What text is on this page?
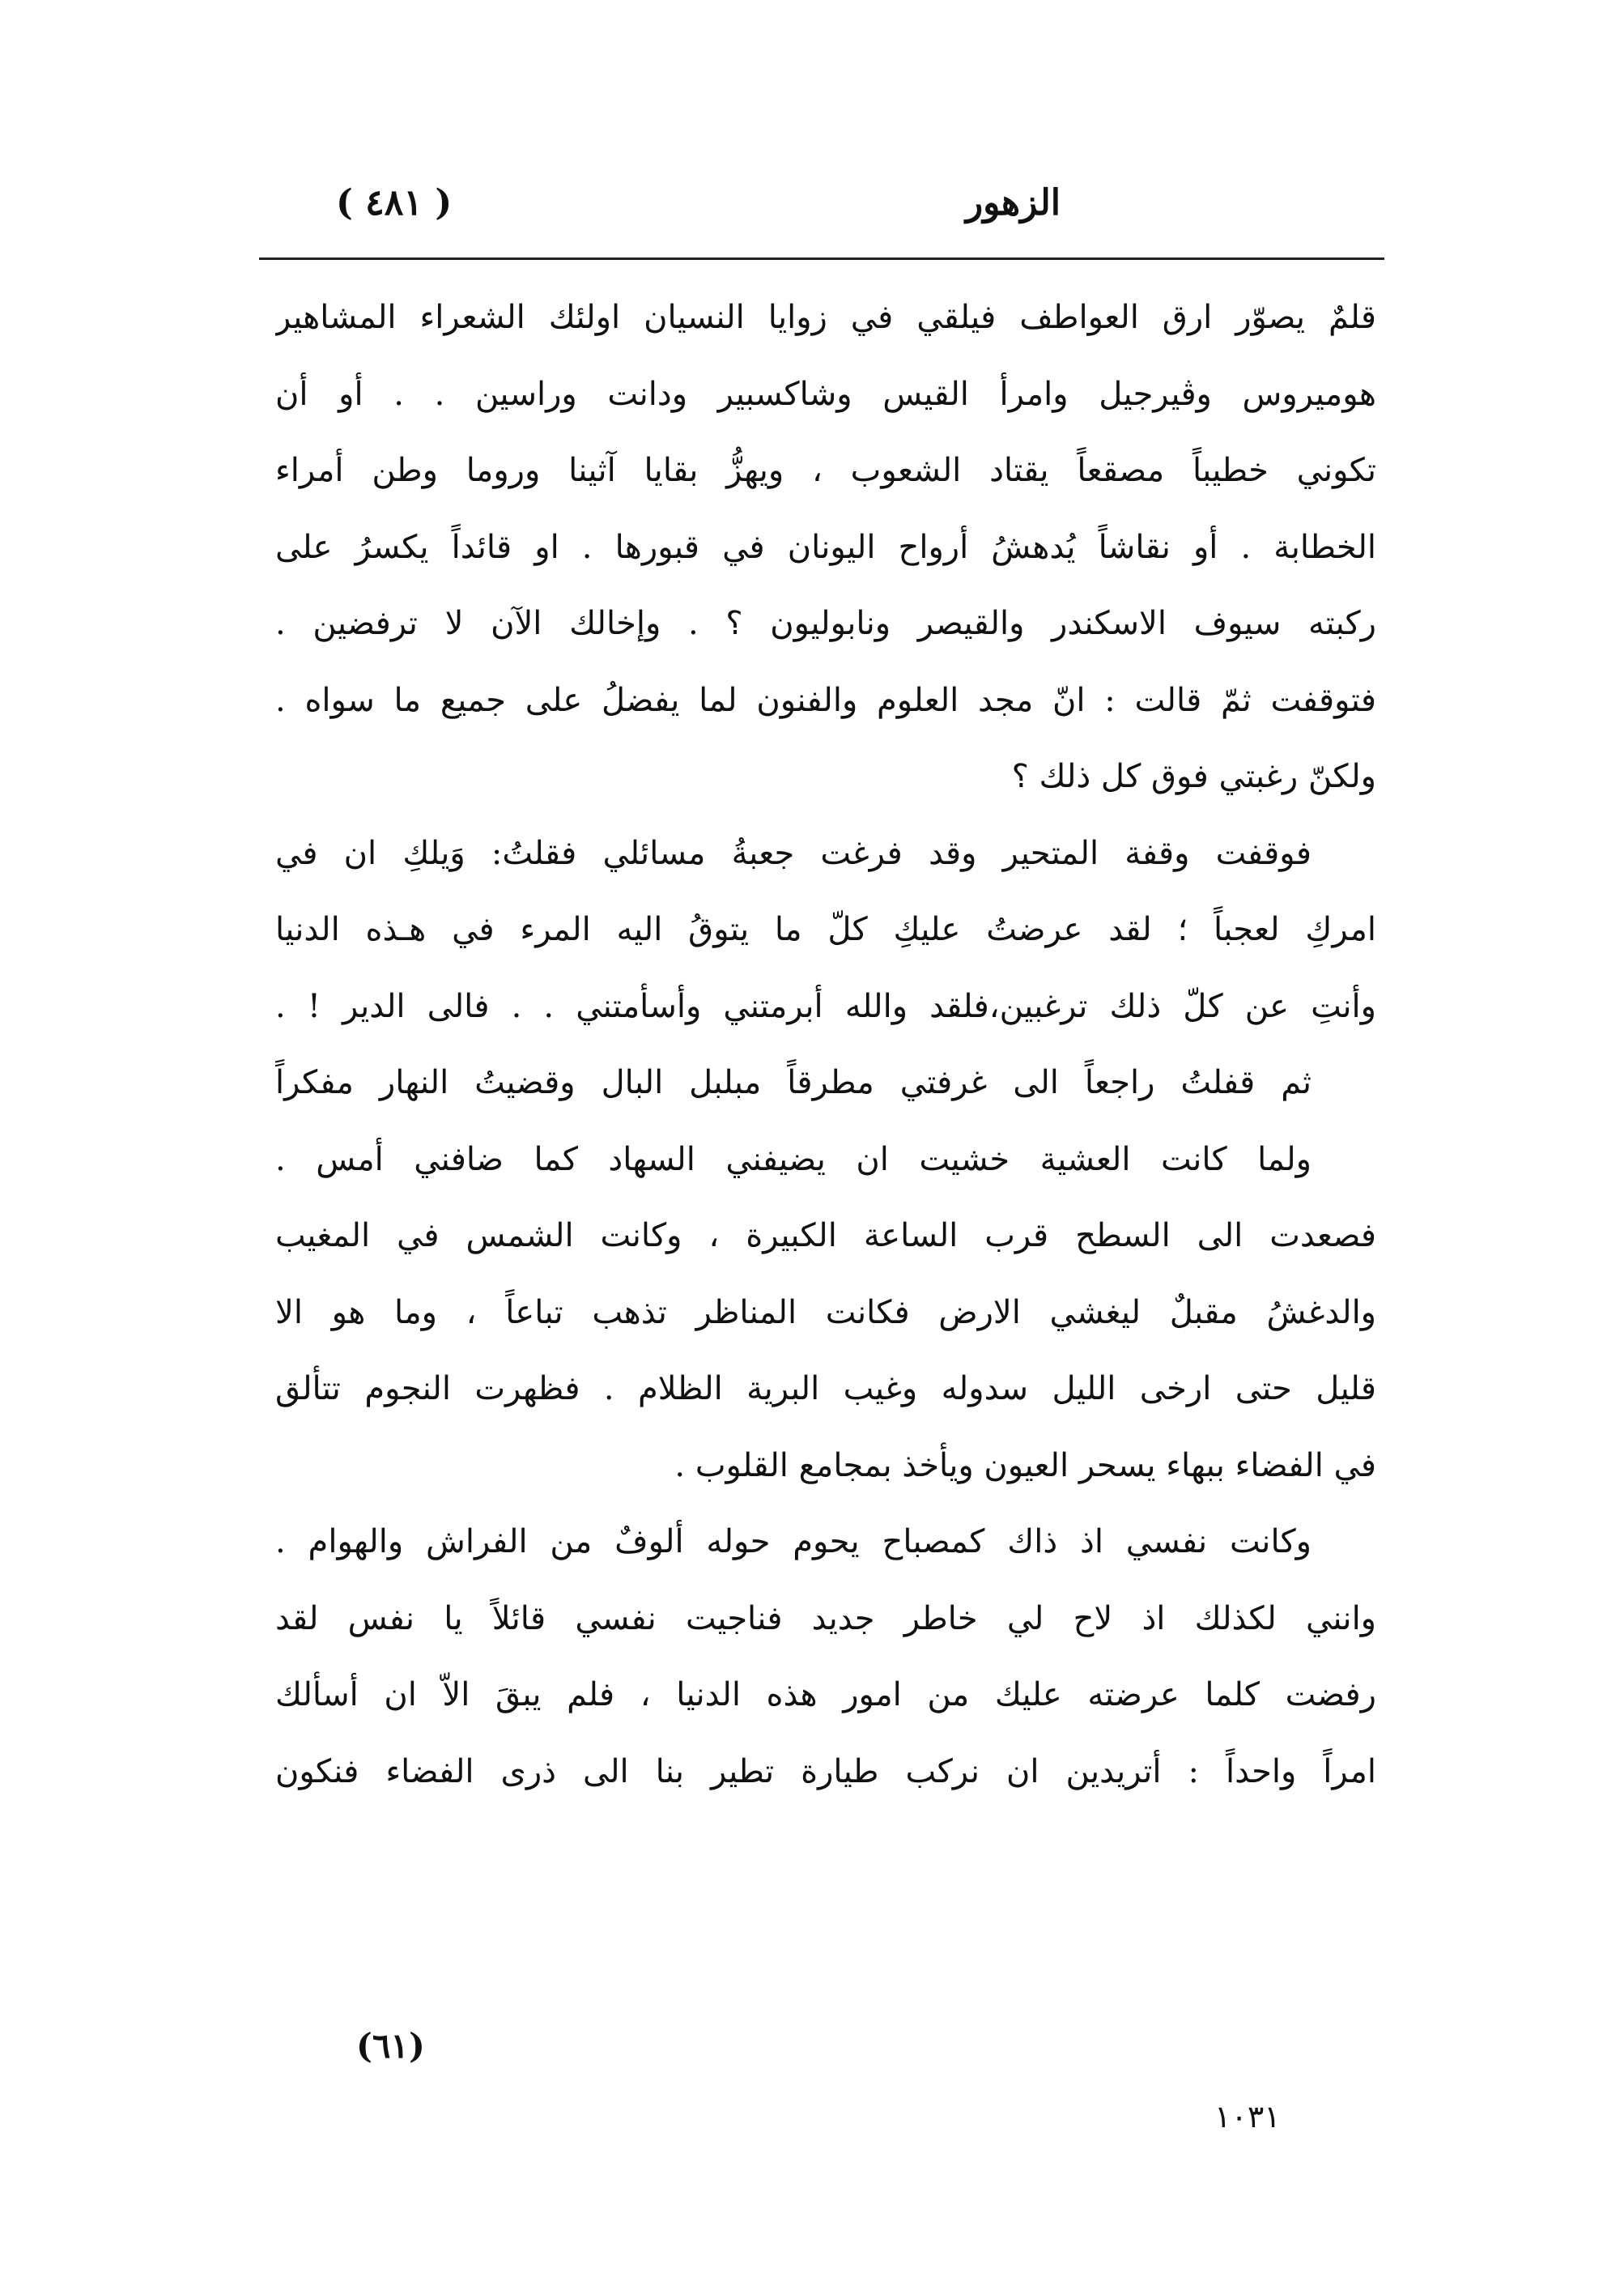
الزهور
( ٤٨١ )
قلمٌ يصوّر ارق العواطف فيلقي في زوايا النسيان اولئك الشعراء المشاهير
هوميروس وڤيرجيل وامرأ القيس وشاكسبير ودانت وراسين . . أو أن
تكوني خطيباً مصقعاً يقتاد الشعوب ، ويهزُّ بقايا آثينا وروما وطن أمراء
الخطابة . أو نقاشاً يُدهشُ أرواح اليونان في قبورها . او قائداً يكسرُ على
ركبته سيوف الاسكندر والقيصر ونابوليون ؟ . وإخالك الآن لا ترفضين .
فتوقفت ثمّ قالت : انّ مجد العلوم والفنون لما يفضلُ على جميع ما سواه .
ولكنّ رغبتي فوق كل ذلك ؟
فوقفت وقفة المتحير وقد فرغت جعبةُ مسائلي فقلتُ: وَيلكِ ان في
امركِ لعجباً ؛ لقد عرضتُ عليكِ كلّ ما يتوقُ اليه المرء في هـذه الدنيا
وأنتِ عن كلّ ذلك ترغبين،فلقد والله أبرمتني وأسأمتني . . فالى الدير ! .
ثم قفلتُ راجعاً الى غرفتي مطرقاً مبلبل البال وقضيتُ النهار مفكراً
ولما كانت العشية خشيت ان يضيفني السهاد كما ضافني أمس .
فصعدت الى السطح قرب الساعة الكبيرة ، وكانت الشمس في المغيب
والدغشُ مقبلٌ ليغشي الارض فكانت المناظر تذهب تباعاً ، وما هو الا
قليل حتى ارخى الليل سدوله وغيب البرية الظلام . فظهرت النجوم تتألق
في الفضاء ببهاء يسحر العيون ويأخذ بمجامع القلوب .
وكانت نفسي اذ ذاك كمصباح يحوم حوله ألوفٌ من الفراش والهوام .
وانني لكذلك اذ لاح لي خاطر جديد فناجيت نفسي قائلاً يا نفس لقد
رفضت كلما عرضته عليك من امور هذه الدنيا ، فلم يبقَ الاّ ان أسألك
امراً واحداً : أتريدين ان نركب طيارة تطير بنا الى ذرى الفضاء فنكون
(٦١)
١٠٣١
